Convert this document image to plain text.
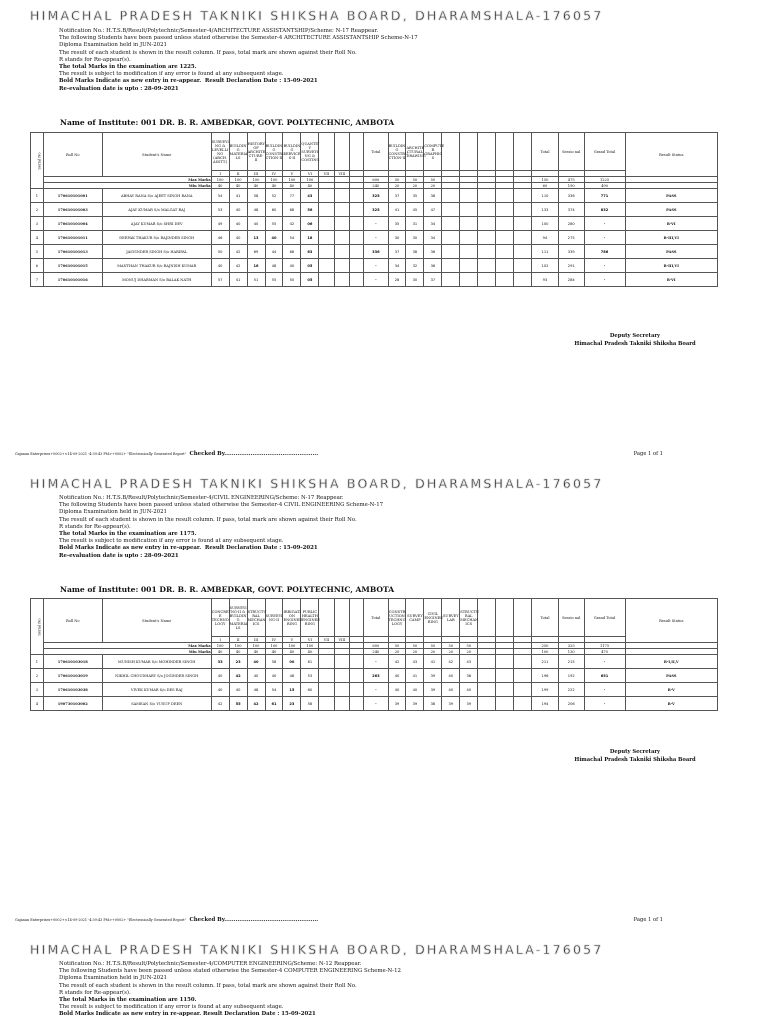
HIMACHAL PRADESH TAKNIKI SHIKSHA BOARD, DHARAMSHALA-176057
Notification No.: H.T.S.B/Result/Polytechnic/Semester-4/ARCHITECTURE ASSISTANTSHIP/Scheme: N-17 Reappear.
The following Students have been passed unless stated otherwise the Semester-4 ARCHITECTURE ASSISTANTSHIP Scheme-N-17
Diploma Examination held in JUN-2021
The result of each student is shown in the result column. If pass, total mark are shown against their Roll No.
R stands for Re-appear(s).
The total Marks in the examination are 1225.
The result is subject to modification if any error is found at any subsequent stage.
Bold Marks Indicate as new entry in re-appear. Result Declaration Date : 15-09-2021
Re-evaluation date is upto : 28-09-2021
Name of Institute: 001 DR. B. R. AMBEDKAR, GOVT. POLYTECHNIC, AMBOTA
Serial No	Roll No	Student's Name	SURVEYI NG & LEVELLI NG (ARCH. ASSTT.)	BUILDIN G MATERIA LS	HISTORY OF ARCHITE CTURE-II	BUILDIN G CONSTRU CTION-II	BUILDIN G SERVICE S-II	QUANTIT Y SURVEYI NG & COSTING				Total	BUILDIN G CONSTRU CTION-II	ARCHITE CTURAL DRAWING	COMPUTE R GRAPHIC S						Total	Sessio nal	Grand Total	Result Status
			I	II	III	IV	V	VI	VII	VIII														
	Max Marks		100	100	100	100	100	100				600	50	50	50						150	475	1225	
	Min Marks		40	40	40	40	40	40				240	20	20	20						60	190	490	
1	170610101001	ABHAY RANA S/o AJEET SINGH RANA	54	41	58	52	77	43				325	37	35	38						110	336	771	PASS
2	170610101003	AJAY KUMAR S/o MALGAT RAJ	53	40	48	60	68	56				325	41	45	47						133	374	832	PASS
3	170610101004	AJAY KUMAR S/o SHRI DEV	49	40	40	55	42	06				-	35	31	34						100	280	-	R-VI
4	170610101011	DEEPAK THAKUR S/o RAJINDER SINGH	46	40	13	40	54	18				-	30	30	34						94	275	-	R-III,VI
5	170610101013	JASVINDER SINGH S/o HARIPAL	50	42	69	44	68	63				336	37	38	36						111	339	786	PASS
6	170610101015	MANTHAN THAKUR S/o RAJNISH KUMAR	40	42	16	48	40	05				-	34	32	36						102	291	-	R-III,VI
7	170610101016	MONUJ DHARMAN S/o BALAK NATH	57	41	51	55	50	05				-	28	30	37						93	284	-	R-VI
Deputy Secretary
Himachal Pradesh Takniki Shiksha Board
Gajanan Enterprises+0002+<14-09-2021 -4:39:43 PM>+0002+ "Electronically Generated Report" Checked By..................................................	Page 1 of 1
HIMACHAL PRADESH TAKNIKI SHIKSHA BOARD, DHARAMSHALA-176057
Notification No.: H.T.S.B/Result/Polytechnic/Semester-4/CIVIL ENGINEERING/Scheme: N-17 Reappear.
The following Students have been passed unless stated otherwise the Semester-4 CIVIL ENGINEERING Scheme-N-17
Diploma Examination held in JUN-2021
The result of each student is shown in the result column. If pass, total mark are shown against their Roll No.
R stands for Re-appear(s).
The total Marks in the examination are 1175.
The result is subject to modification if any error is found at any subsequent stage.
Bold Marks Indicate as new entry in re-appear. Result Declaration Date : 15-09-2021
Re-evaluation date is upto : 28-09-2021
Name of Institute: 001 DR. B. R. AMBEDKAR, GOVT. POLYTECHNIC, AMBOTA
Serial No	Roll No	Student's Name	CONCRET E TECHNO LOGY	SURVEYI NG-II & BUILDIN G MATERIA LS	STRUCTU RAL MECHAN ICS	SURVEYI NG-II	IRRIGATI ON ENGINEE RING	PUBLIC HEALTH ENGINEE RING				Total	CONSTR UCTION TECHNO LOGY	SURVEY CAMP	CIVIL ENGINEE RING	SURVEY LAB	STRUCTU RAL MECHAN ICS				Total	Sessio nal	Grand Total	Result Status
			I	II	III	IV	V	VI	VII	VIII														
	Max Marks		100	100	100	100	100	100				600	50	50	50	50	50				250	325	1175	
	Min Marks		40	40	40	40	40	40				240	20	20	20	20	20				100	130	470	
1	170610103018	MUNISH KUMAR S/o MOHINDER SINGH	33	23	40	58	00	61				-	42	43	41	42	43				211	215	-	R-I,II,V
2	170610103019	NIKHIL CHOUDHARY S/o JOGINDER SINGH	40	42	40	40	48	53				263	40	41	39	40	36				196	192	651	PASS
3	170610103038	VIVEK KUMAR S/o DES RAJ	40	40	48	54	15	60				-	40	40	39	40	40				199	222	-	R-V
4	190730103002	SAMEAN S/o YUSUF DEEN	42	55	42	61	23	58				-	39	39	38	39	39				194	206	-	R-V
Deputy Secretary
Himachal Pradesh Takniki Shiksha Board
Gajanan Enterprises+0002+<14-09-2021 -4:39:43 PM>+0002+ "Electronically Generated Report" Checked By..................................................	Page 1 of 1
HIMACHAL PRADESH TAKNIKI SHIKSHA BOARD, DHARAMSHALA-176057
Notification No.: H.T.S.B/Result/Polytechnic/Semester-4/COMPUTER ENGINEERING/Scheme: N-12 Reappear.
The following Students have been passed unless stated otherwise the Semester-4 COMPUTER ENGINEERING Scheme-N-12
Diploma Examination held in JUN-2021
The result of each student is shown in the result column. If pass, total mark are shown against their Roll No.
R stands for Re-appear(s).
The total Marks in the examination are 1150.
The result is subject to modification if any error is found at any subsequent stage.
Bold Marks Indicate as new entry in re-appear. Result Declaration Date : 15-09-2021
